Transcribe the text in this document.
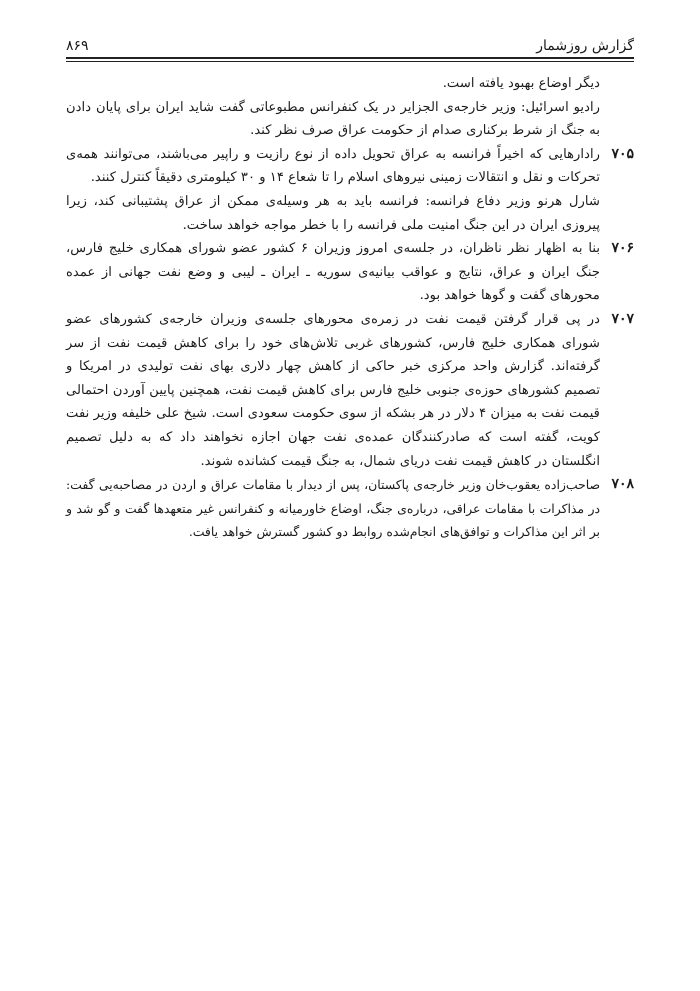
گزارش روزشمار
۸۶۹

دیگر اوضاع بهبود یافته است.

رادیو اسرائیل: وزیر خارجه‌ی الجزایر در یک کنفرانس مطبوعاتی گفت شاید ایران برای پایان دادن به جنگ از شرط برکناری صدام از حکومت عراق صرف نظر کند.

۷۰۵

رادارهایی که اخیراً فرانسه به عراق تحویل داده از نوع رازیت و راپیر می‌باشند، می‌توانند همه‌ی تحرکات و نقل و انتقالات زمینی نیروهای اسلام را تا شعاع ۱۴ و ۳۰ کیلومتری دقیقاً کنترل کنند.

شارل هرنو وزیر دفاع فرانسه: فرانسه باید به هر وسیله‌ی ممکن از عراق پشتیبانی کند، زیرا پیروزی ایران در این جنگ امنیت ملی فرانسه را با خطر مواجه خواهد ساخت.

۷۰۶

بنا به اظهار نظر ناظران، در جلسه‌ی امروز وزیران ۶ کشور عضو شورای همکاری خلیج فارس، جنگ ایران و عراق، نتایج و عواقب بیانیه‌ی سوریه ـ ایران ـ لیبی و وضع نفت جهانی از عمده محورهای گفت و گوها خواهد بود.

۷۰۷

در پی قرار گرفتن قیمت نفت در زمره‌ی محورهای جلسه‌ی وزیران خارجه‌ی کشورهای عضو شورای همکاری خلیج فارس، کشورهای غربی تلاش‌های خود را برای کاهش قیمت نفت از سر گرفته‌اند. گزارش واحد مرکزی خبر حاکی از کاهش چهار دلاری بهای نفت تولیدی در امریکا و تصمیم کشورهای حوزه‌ی جنوبی خلیج فارس برای کاهش قیمت نفت، همچنین پایین آوردن احتمالی قیمت نفت به میزان ۴ دلار در هر بشکه از سوی حکومت سعودی است. شیخ علی خلیفه وزیر نفت کویت، گفته است که صادرکنندگان عمده‌ی نفت جهان اجازه نخواهند داد که به دلیل تصمیم انگلستان در کاهش قیمت نفت دریای شمال، به جنگ قیمت کشانده شوند.

۷۰۸

صاحب‌زاده یعقوب‌خان وزیر خارجه‌ی پاکستان، پس از دیدار با مقامات عراق و اردن در مصاحبه‌یی گفت: در مذاکرات با مقامات عراقی، درباره‌ی جنگ، اوضاع خاورمیانه و کنفرانس غیر متعهدها گفت و گو شد و بر اثر این مذاکرات و توافق‌های انجام‌شده روابط دو کشور گسترش خواهد یافت.
